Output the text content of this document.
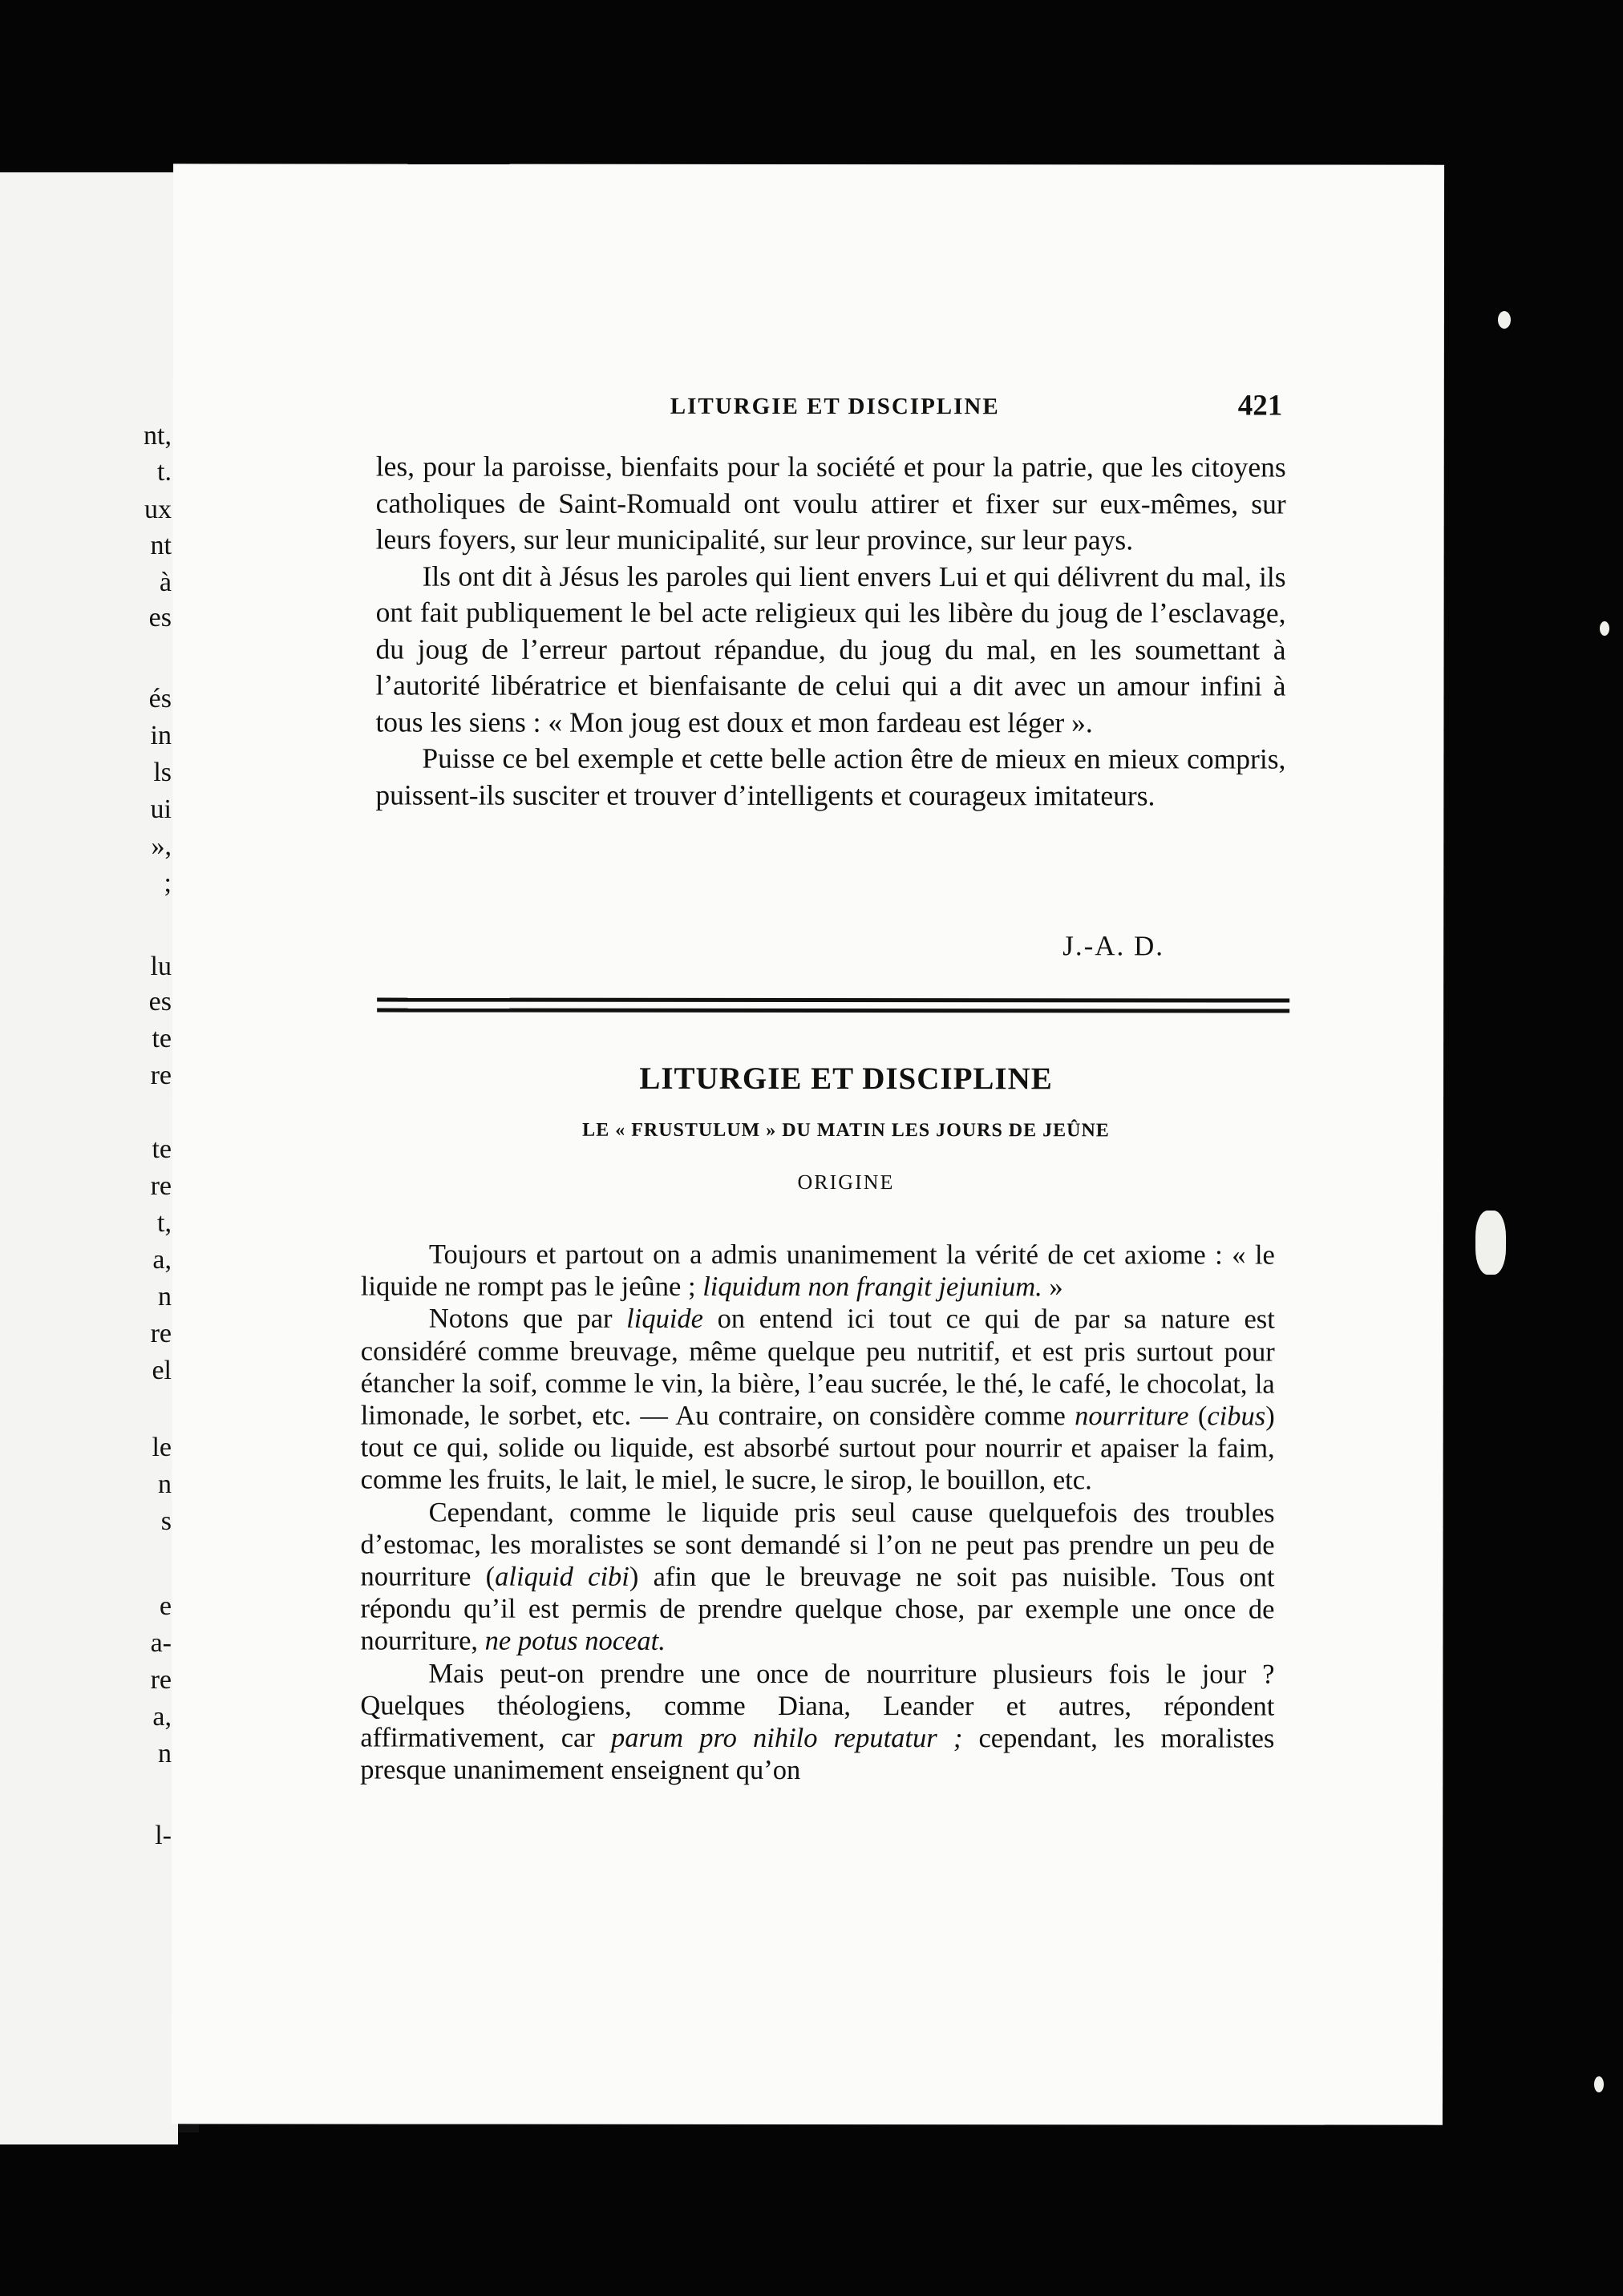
nt,
t.
ux
nt
à
es
és
in
ls
ui
»,
;
lu
es
te
re
te
re
t,
a,
n
re
el
le
n
s
e
a-
re
a,
n
l-
LITURGIE ET DISCIPLINE	421

les, pour la paroisse, bienfaits pour la société et pour la patrie, que les citoyens catholiques de Saint-Romuald ont voulu attirer et fixer sur eux-mêmes, sur leurs foyers, sur leur municipalité, sur leur province, sur leur pays.

Ils ont dit à Jésus les paroles qui lient envers Lui et qui délivrent du mal, ils ont fait publiquement le bel acte religieux qui les libère du joug de l’esclavage, du joug de l’erreur partout répandue, du joug du mal, en les soumettant à l’autorité libératrice et bienfaisante de celui qui a dit avec un amour infini à tous les siens : « Mon joug est doux et mon fardeau est léger ».

Puisse ce bel exemple et cette belle action être de mieux en mieux compris, puissent-ils susciter et trouver d’intelligents et courageux imitateurs.

J.-A. D.
LITURGIE ET DISCIPLINE
LE « FRUSTULUM » DU MATIN LES JOURS DE JEÛNE
ORIGINE

Toujours et partout on a admis unanimement la vérité de cet axiome : « le liquide ne rompt pas le jeûne ; liquidum non frangit jejunium. »

Notons que par liquide on entend ici tout ce qui de par sa nature est considéré comme breuvage, même quelque peu nutritif, et est pris surtout pour étancher la soif, comme le vin, la bière, l’eau sucrée, le thé, le café, le chocolat, la limonade, le sorbet, etc. — Au contraire, on considère comme nourriture (cibus) tout ce qui, solide ou liquide, est absorbé surtout pour nourrir et apaiser la faim, comme les fruits, le lait, le miel, le sucre, le sirop, le bouillon, etc.

Cependant, comme le liquide pris seul cause quelquefois des troubles d’estomac, les moralistes se sont demandé si l’on ne peut pas prendre un peu de nourriture (aliquid cibi) afin que le breuvage ne soit pas nuisible. Tous ont répondu qu’il est permis de prendre quelque chose, par exemple une once de nourriture, ne potus noceat.

Mais peut-on prendre une once de nourriture plusieurs fois le jour ? Quelques théologiens, comme Diana, Leander et autres, répondent affirmativement, car parum pro nihilo reputatur ; cependant, les moralistes presque unanimement enseignent qu’on
